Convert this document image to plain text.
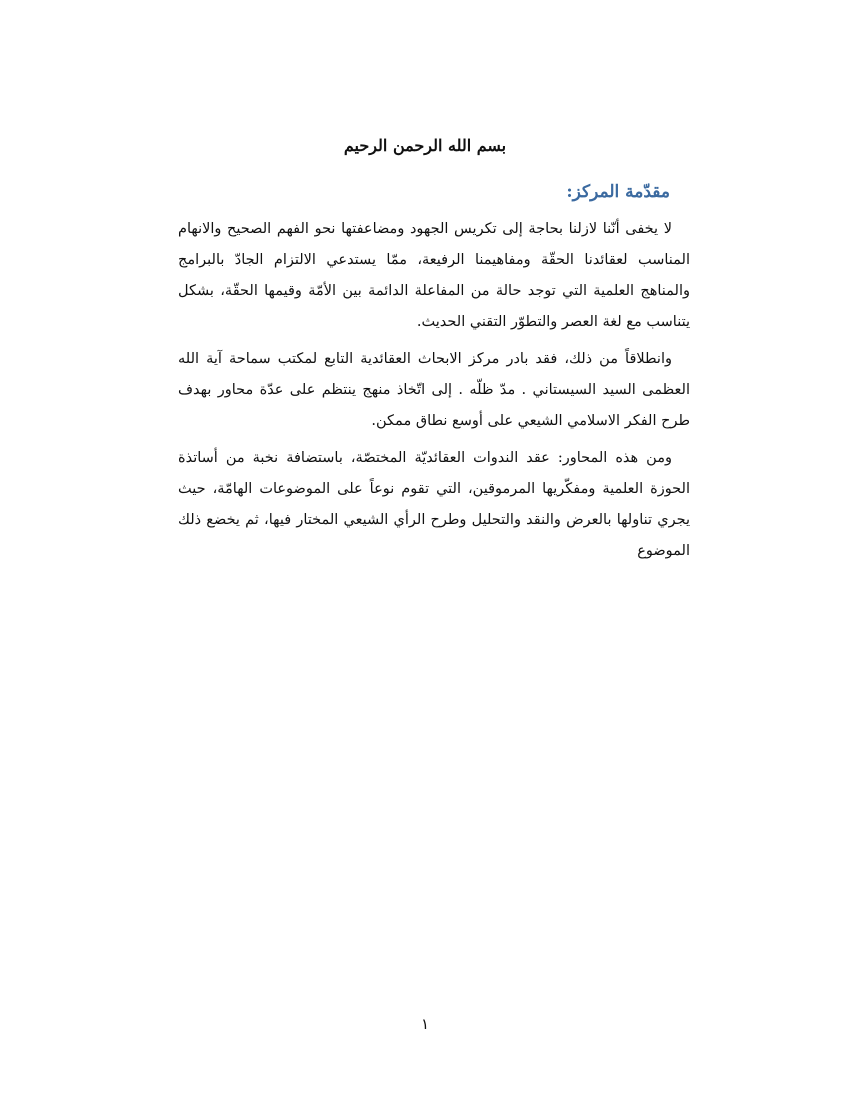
بسم الله الرحمن الرحيم
مقدّمة المركز:

لا يخفى أنّنا لازلنا بحاجة إلى تكريس الجهود ومضاعفتها نحو الفهم الصحيح والانهام المناسب لعقائدنا الحقّة ومفاهيمنا الرفيعة، ممّا يستدعي الالتزام الجادّ بالبرامج والمناهج العلمية التي توجد حالة من المفاعلة الدائمة بين الأمّة وقيمها الحقّة، بشكل يتناسب مع لغة العصر والتطوّر التقني الحديث.

وانطلاقاً من ذلك، فقد بادر مركز الابحاث العقائدية التابع لمكتب سماحة آية الله العظمى السيد السيستاني . مدّ ظلّه . إلى اتّخاذ منهج ينتظم على عدّة محاور بهدف طرح الفكر الاسلامي الشيعي على أوسع نطاق ممكن.

ومن هذه المحاور: عقد الندوات العقائديّة المختصّة، باستضافة نخبة من أساتذة الحوزة العلمية ومفكّريها المرموقين، التي تقوم نوعاً على الموضوعات الهامّة، حيث يجري تناولها بالعرض والنقد والتحليل وطرح الرأي الشيعي المختار فيها، ثم يخضع ذلك الموضوع

١
